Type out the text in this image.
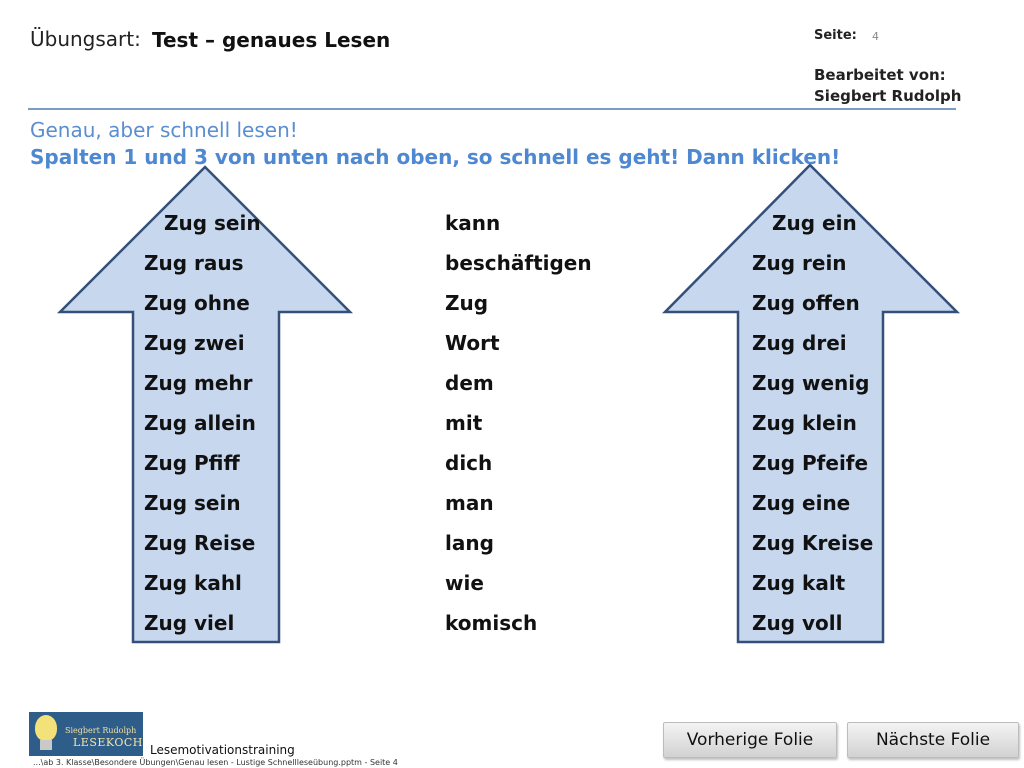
Übungsart: Test – genaues Lesen	Seite: 4
Bearbeitet von:
Siegbert Rudolph
Genau, aber schnell lesen!
Spalten 1 und 3 von unten nach oben, so schnell es geht! Dann klicken!
Zug sein
Zug raus
Zug ohne
Zug zwei
Zug mehr
Zug allein
Zug Pfiff
Zug sein
Zug Reise
Zug kahl
Zug viel
kann
beschäftigen
Zug
Wort
dem
mit
dich
man
lang
wie
komisch
Zug ein
Zug rein
Zug offen
Zug drei
Zug wenig
Zug klein
Zug Pfeife
Zug eine
Zug Kreise
Zug kalt
Zug voll
Siegbert Rudolph
LESEKOCH
Lesemotivationstraining
...\ab 3. Klasse\Besondere Übungen\Genau lesen - Lustige Schnellleseübung.pptm - Seite 4
Vorherige Folie	Nächste Folie
